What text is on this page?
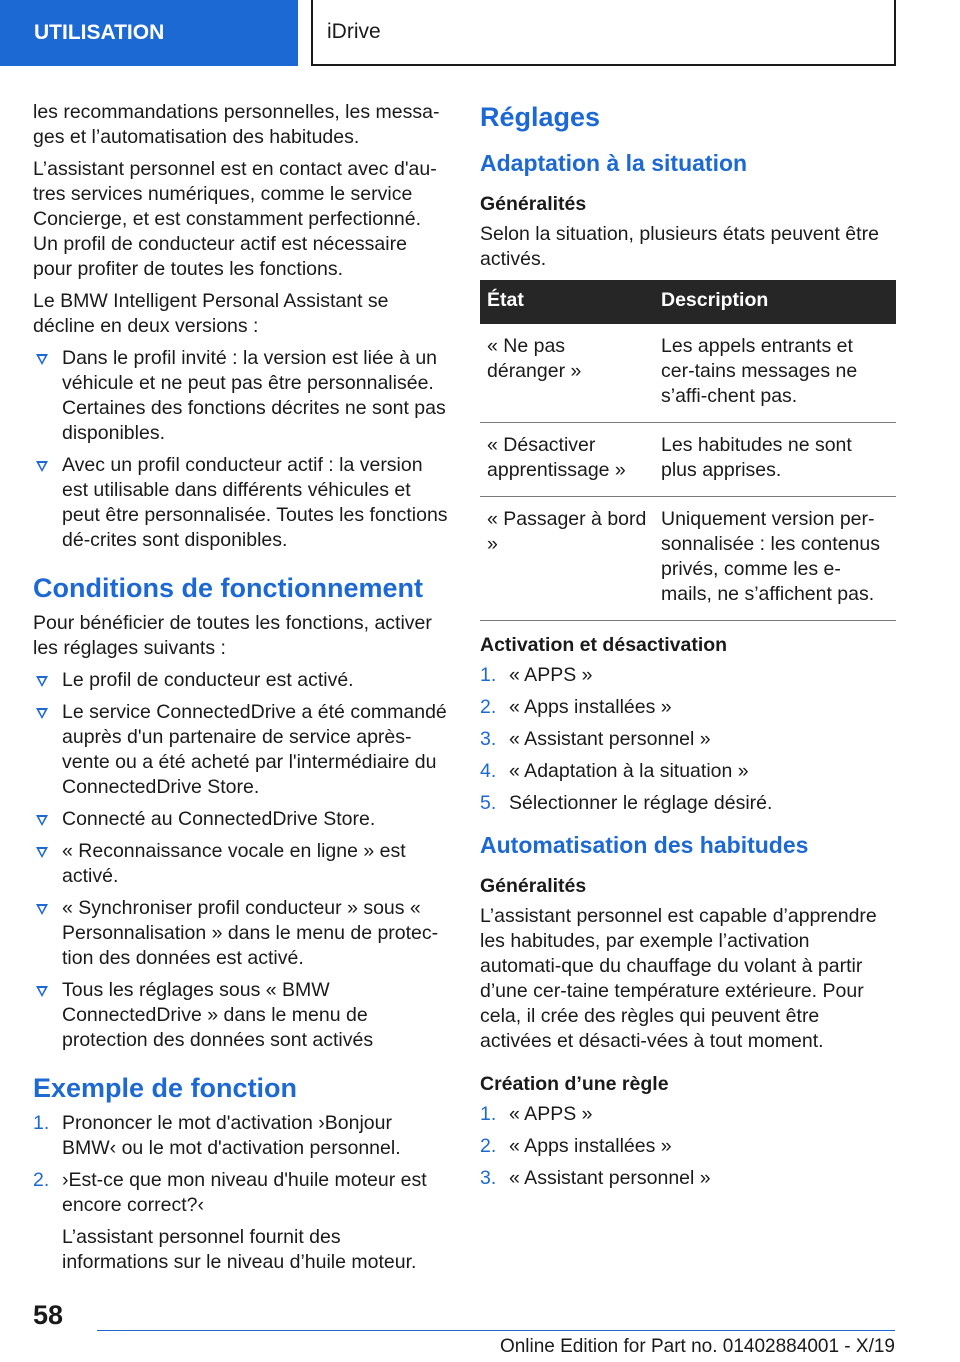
UTILISATION	iDrive

les recommandations personnelles, les messa-ges et l’automatisation des habitudes.

L’assistant personnel est en contact avec d'au-tres services numériques, comme le service Concierge, et est constamment perfectionné. Un profil de conducteur actif est nécessaire pour profiter de toutes les fonctions.

Le BMW Intelligent Personal Assistant se décline en deux versions :

Dans le profil invité : la version est liée à un véhicule et ne peut pas être personnalisée. Certaines des fonctions décrites ne sont pas disponibles.
Avec un profil conducteur actif : la version est utilisable dans différents véhicules et peut être personnalisée. Toutes les fonctions dé-crites sont disponibles.
Conditions de fonctionnement

Pour bénéficier de toutes les fonctions, activer les réglages suivants :

Le profil de conducteur est activé.
Le service ConnectedDrive a été commandé auprès d'un partenaire de service après-vente ou a été acheté par l'intermédiaire du ConnectedDrive Store.
Connecté au ConnectedDrive Store.
« Reconnaissance vocale en ligne » est activé.
« Synchroniser profil conducteur » sous « Personnalisation » dans le menu de protec-tion des données est activé.
Tous les réglages sous « BMW ConnectedDrive » dans le menu de protection des données sont activés
Exemple de fonction
1. Prononcer le mot d'activation ›Bonjour BMW‹ ou le mot d'activation personnel.
2. ›Est-ce que mon niveau d'huile moteur est encore correct?‹

L’assistant personnel fournit des informations sur le niveau d’huile moteur.

Réglages
Adaptation à la situation
Généralités

Selon la situation, plusieurs états peuvent être activés.

État	Description
« Ne pas déranger »	Les appels entrants et cer-tains messages ne s’affi-chent pas.
« Désactiver apprentissage »	Les habitudes ne sont plus apprises.
« Passager à bord »	Uniquement version per-sonnalisée : les contenus privés, comme les e-mails, ne s’affichent pas.
Activation et désactivation
1. « APPS »
2. « Apps installées »
3. « Assistant personnel »
4. « Adaptation à la situation »
5. Sélectionner le réglage désiré.
Automatisation des habitudes
Généralités

L’assistant personnel est capable d’apprendre les habitudes, par exemple l’activation automati-que du chauffage du volant à partir d’une cer-taine température extérieure. Pour cela, il crée des règles qui peuvent être activées et désacti-vées à tout moment.

Création d’une règle
1. « APPS »
2. « Apps installées »
3. « Assistant personnel »
58
Online Edition for Part no. 01402884001 - X/19
